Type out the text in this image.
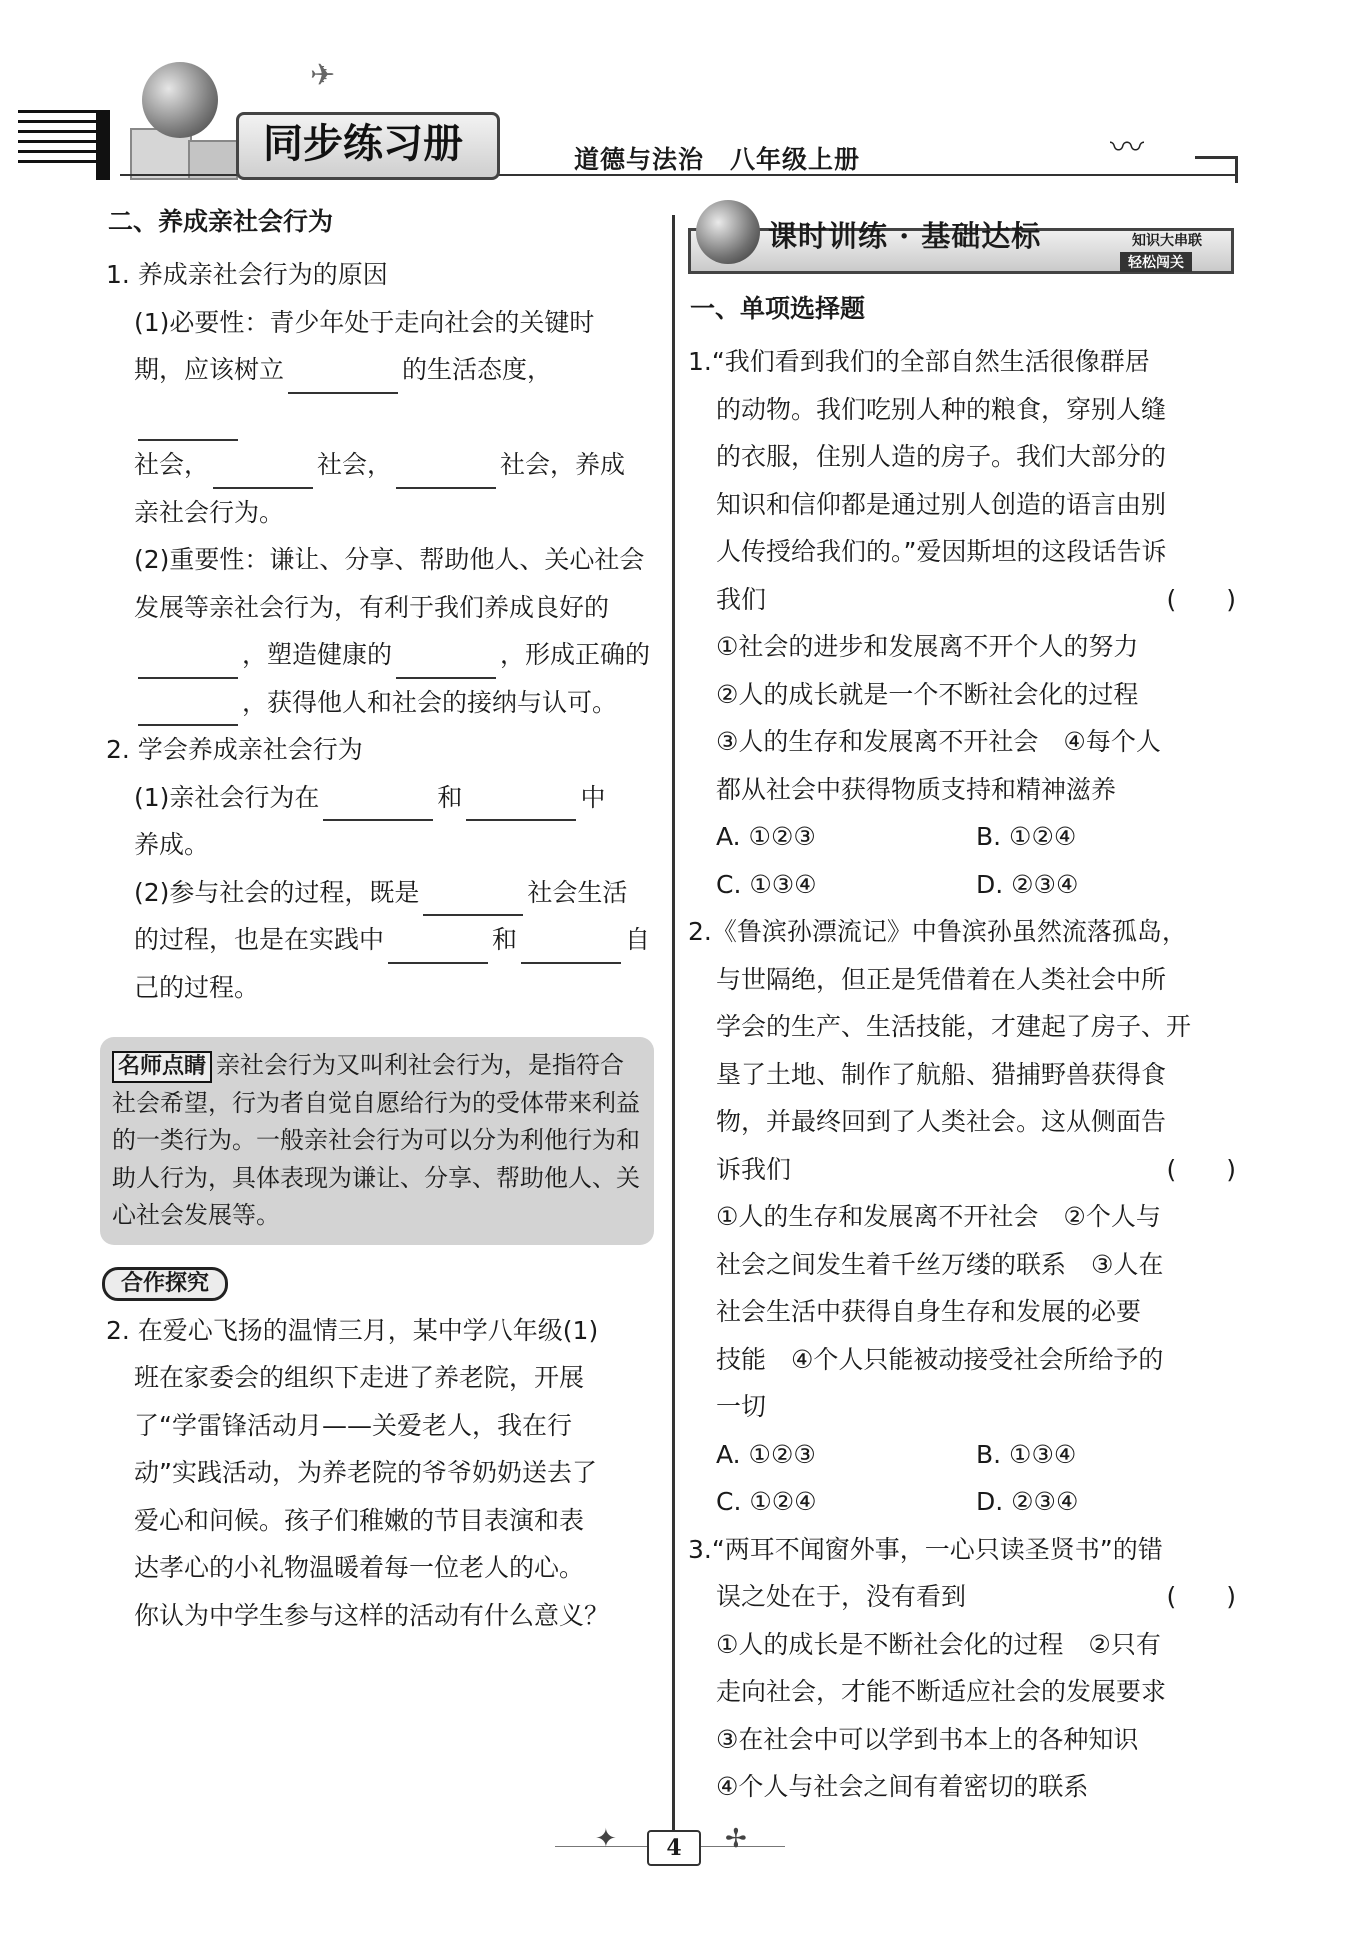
✈
同步练习册	道德与法治　八年级上册	〰
二、养成亲社会行为
1. 养成亲社会行为的原因
(1)必要性：青少年处于走向社会的关键时
期，应该树立	的生活态度，
社会，	社会，	社会，养成
亲社会行为。
(2)重要性：谦让、分享、帮助他人、关心社会
发展等亲社会行为，有利于我们养成良好的
，塑造健康的	，形成正确的
，获得他人和社会的接纳与认可。
2. 学会养成亲社会行为
(1)亲社会行为在	和	中
养成。
(2)参与社会的过程，既是	社会生活
的过程，也是在实践中	和	自
己的过程。
名师点睛 亲社会行为又叫利社会行为，是指符合社会希望，行为者自觉自愿给行为的受体带来利益的一类行为。一般亲社会行为可以分为利他行为和助人行为，具体表现为谦让、分享、帮助他人、关心社会发展等。
合作探究
2. 在爱心飞扬的温情三月，某中学八年级(1)
班在家委会的组织下走进了养老院，开展
了“学雷锋活动月——关爱老人，我在行
动”实践活动，为养老院的爷爷奶奶送去了
爱心和问候。孩子们稚嫩的节目表演和表
达孝心的小礼物温暖着每一位老人的心。
你认为中学生参与这样的活动有什么意义？
课时训练 · 基础达标	知识大串联
轻松闯关
一、单项选择题
1.“我们看到我们的全部自然生活很像群居
的动物。我们吃别人种的粮食，穿别人缝
的衣服，住别人造的房子。我们大部分的
知识和信仰都是通过别人创造的语言由别
人传授给我们的。”爱因斯坦的这段话告诉
我们	(　　)
①社会的进步和发展离不开个人的努力
②人的成长就是一个不断社会化的过程
③人的生存和发展离不开社会　④每个人
都从社会中获得物质支持和精神滋养
A. ①②③	B. ①②④
C. ①③④	D. ②③④
2.《鲁滨孙漂流记》中鲁滨孙虽然流落孤岛，
与世隔绝，但正是凭借着在人类社会中所
学会的生产、生活技能，才建起了房子、开
垦了土地、制作了航船、猎捕野兽获得食
物，并最终回到了人类社会。这从侧面告
诉我们	(　　)
①人的生存和发展离不开社会　②个人与
社会之间发生着千丝万缕的联系　③人在
社会生活中获得自身生存和发展的必要
技能　④个人只能被动接受社会所给予的
一切
A. ①②③	B. ①③④
C. ①②④	D. ②③④
3.“两耳不闻窗外事，一心只读圣贤书”的错
误之处在于，没有看到	(　　)
①人的成长是不断社会化的过程　②只有
走向社会，才能不断适应社会的发展要求
③在社会中可以学到书本上的各种知识
④个人与社会之间有着密切的联系
✦	✢
4
